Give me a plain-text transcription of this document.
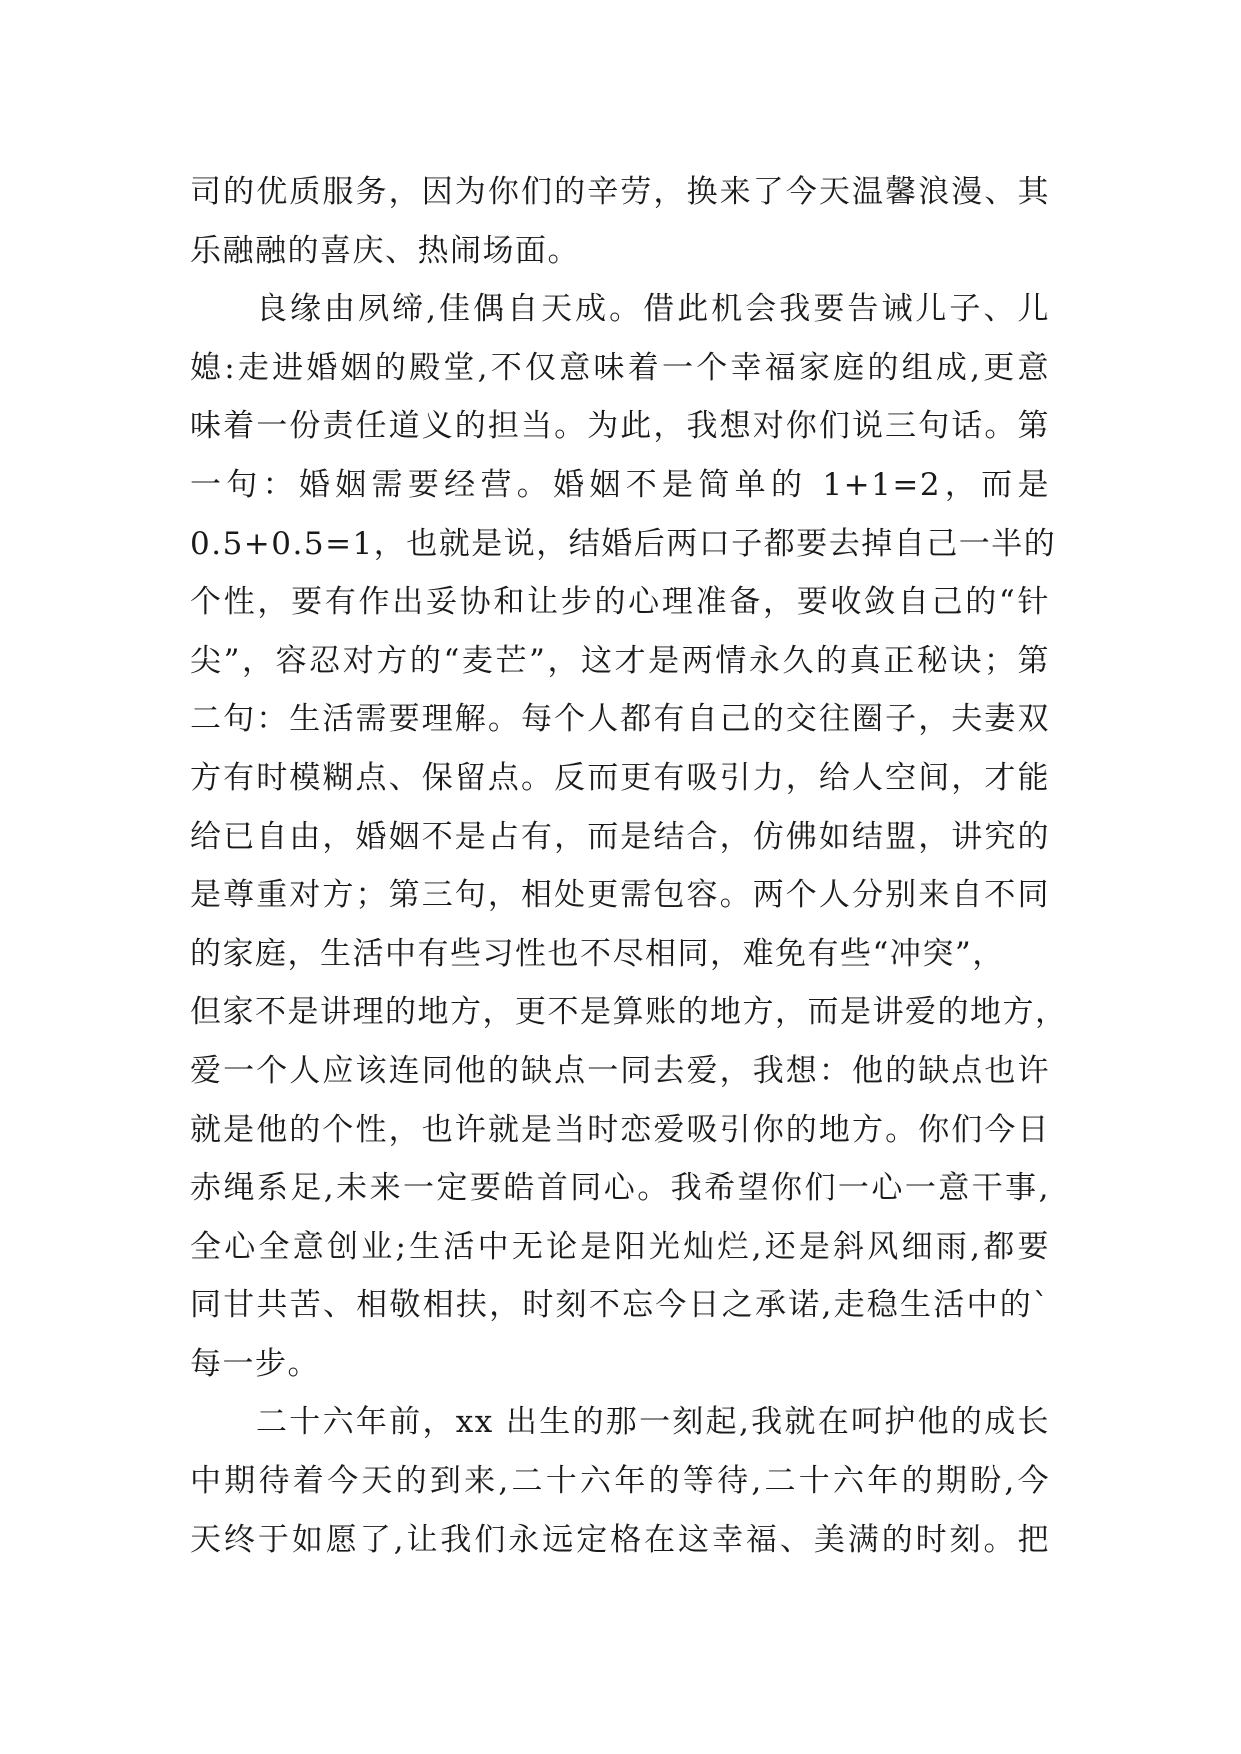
司的优质服务，因为你们的辛劳，换来了今天温馨浪漫、其
乐融融的喜庆、热闹场面。
良缘由夙缔,佳偶自天成。借此机会我要告诫儿子、儿
媳:走进婚姻的殿堂,不仅意味着一个幸福家庭的组成,更意
味着一份责任道义的担当。为此，我想对你们说三句话。第
一句：婚姻需要经营。婚姻不是简单的 1+1=2，而是
0.5+0.5=1，也就是说，结婚后两口子都要去掉自己一半的
个性，要有作出妥协和让步的心理准备，要收敛自己的“针
尖”，容忍对方的“麦芒”，这才是两情永久的真正秘诀；第
二句：生活需要理解。每个人都有自己的交往圈子，夫妻双
方有时模糊点、保留点。反而更有吸引力，给人空间，才能
给已自由，婚姻不是占有，而是结合，仿佛如结盟，讲究的
是尊重对方；第三句，相处更需包容。两个人分别来自不同
的家庭，生活中有些习性也不尽相同，难免有些“冲突”，
但家不是讲理的地方，更不是算账的地方，而是讲爱的地方，
爱一个人应该连同他的缺点一同去爱，我想：他的缺点也许
就是他的个性，也许就是当时恋爱吸引你的地方。你们今日
赤绳系足,未来一定要皓首同心。我希望你们一心一意干事,
全心全意创业;生活中无论是阳光灿烂,还是斜风细雨,都要
同甘共苦、相敬相扶，时刻不忘今日之承诺,走稳生活中的`
每一步。
二十六年前，xx 出生的那一刻起,我就在呵护他的成长
中期待着今天的到来,二十六年的等待,二十六年的期盼,今
天终于如愿了,让我们永远定格在这幸福、美满的时刻。把
